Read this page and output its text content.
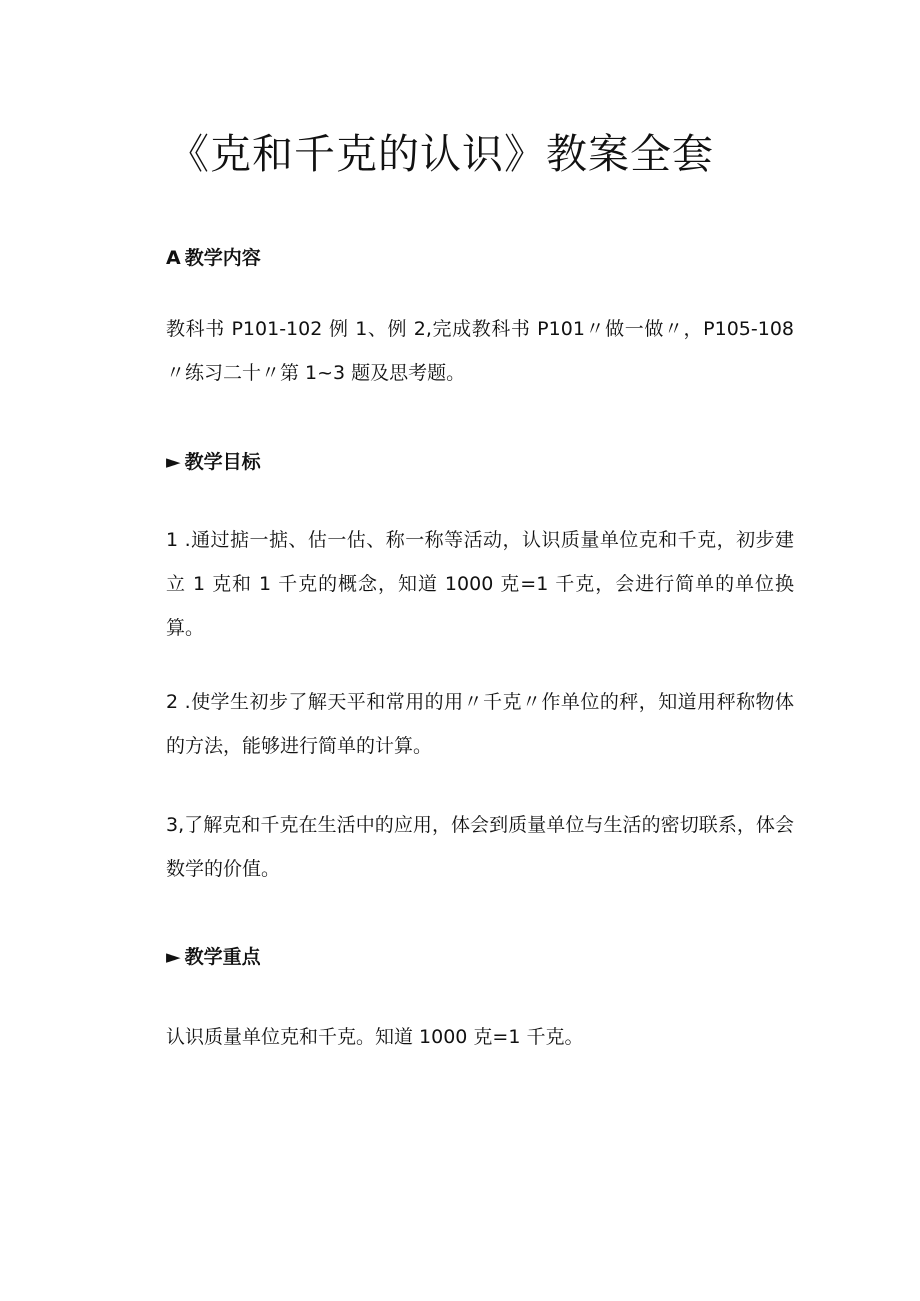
《克和千克的认识》教案全套
A 教学内容

教科书 P101-102 例 1、例 2,完成教科书 P101〃做一做〃，P105-108〃练习二十〃第 1~3 题及思考题。

► 教学目标

1 .通过掂一掂、估一估、称一称等活动，认识质量单位克和千克，初步建立 1 克和 1 千克的概念，知道 1000 克=1 千克，会进行简单的单位换算。

2 .使学生初步了解天平和常用的用〃千克〃作单位的秤，知道用秤称物体的方法，能够进行简单的计算。

3,了解克和千克在生活中的应用，体会到质量单位与生活的密切联系，体会数学的价值。

► 教学重点

认识质量单位克和千克。知道 1000 克=1 千克。
